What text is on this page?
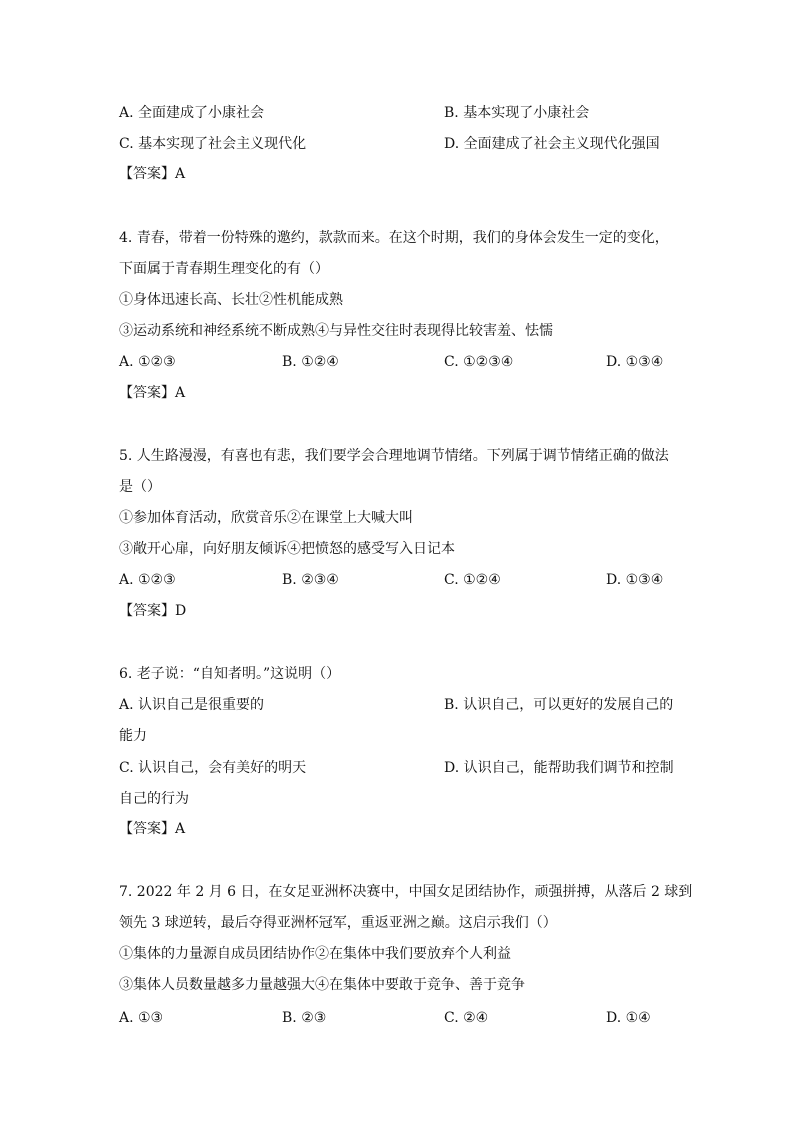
A. 全面建成了小康社会	B. 基本实现了小康社会
C. 基本实现了社会主义现代化	D. 全面建成了社会主义现代化强国
【答案】A
4. 青春，带着一份特殊的邀约，款款而来。在这个时期，我们的身体会发生一定的变化，
下面属于青春期生理变化的有（）
①身体迅速长高、长壮②性机能成熟
③运动系统和神经系统不断成熟④与异性交往时表现得比较害羞、怯懦
A. ①②③	B. ①②④	C. ①②③④	D. ①③④
【答案】A
5. 人生路漫漫，有喜也有悲，我们要学会合理地调节情绪。下列属于调节情绪正确的做法
是（）
①参加体育活动，欣赏音乐②在课堂上大喊大叫
③敞开心扉，向好朋友倾诉④把愤怒的感受写入日记本
A. ①②③	B. ②③④	C. ①②④	D. ①③④
【答案】D
6. 老子说：“自知者明。”这说明（）
A. 认识自己是很重要的	B. 认识自己，可以更好的发展自己的
能力
C. 认识自己，会有美好的明天	D. 认识自己，能帮助我们调节和控制
自己的行为
【答案】A
7. 2022 年 2 月 6 日，在女足亚洲杯决赛中，中国女足团结协作，顽强拼搏，从落后 2 球到
领先 3 球逆转，最后夺得亚洲杯冠军，重返亚洲之巅。这启示我们（）
①集体的力量源自成员团结协作②在集体中我们要放弃个人利益
③集体人员数量越多力量越强大④在集体中要敢于竞争、善于竞争
A. ①③	B. ②③	C. ②④	D. ①④
